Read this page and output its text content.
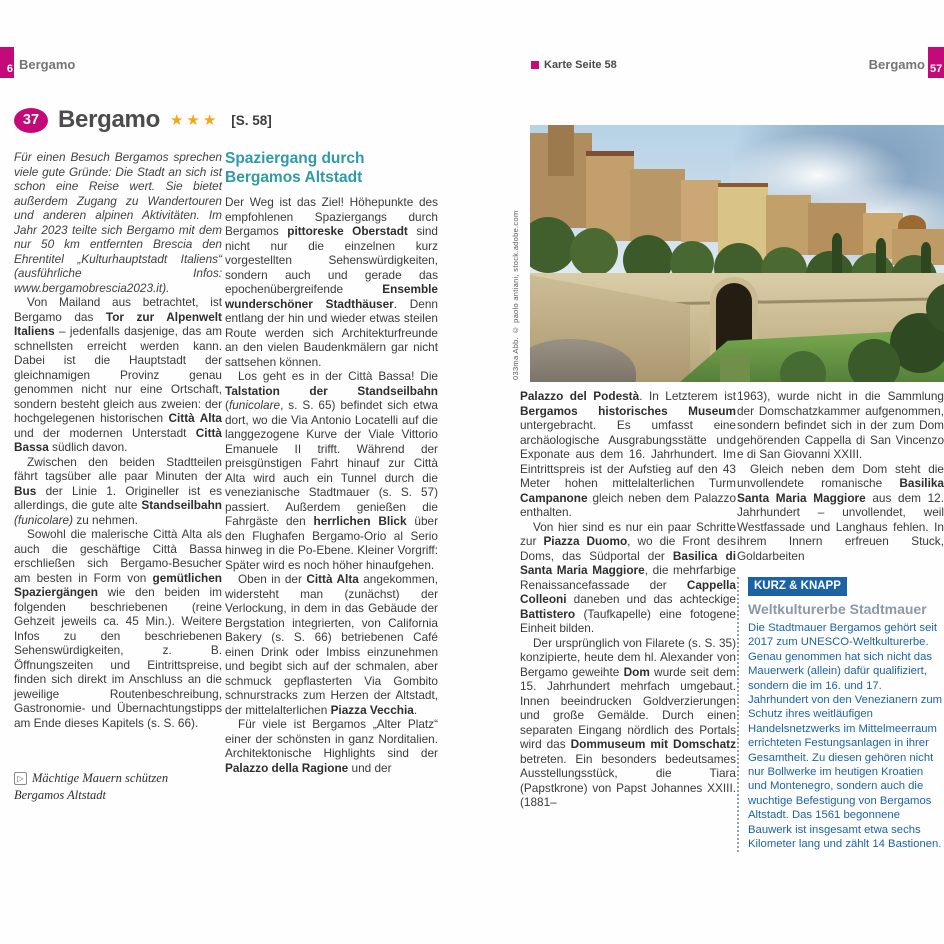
6 Bergamo	Karte Seite 58	Bergamo 57
37 Bergamo ★★★ [S. 58]
033ma Abb. © paolo antiani, stock.adobe.com

Für einen Besuch Bergamos sprechen viele gute Gründe: Die Stadt an sich ist schon eine Reise wert. Sie bietet außerdem Zugang zu Wandertouren und anderen alpinen Aktivitäten. Im Jahr 2023 teilte sich Bergamo mit dem nur 50 km entfernten Brescia den Ehrentitel „Kulturhauptstadt Italiens“ (ausführliche Infos: www.bergamobrescia2023.it).

Von Mailand aus betrachtet, ist Bergamo das Tor zur Alpenwelt Italiens – jedenfalls dasjenige, das am schnellsten erreicht werden kann. Dabei ist die Hauptstadt der gleichnamigen Provinz genau genommen nicht nur eine Ortschaft, sondern besteht gleich aus zweien: der hochgelegenen historischen Città Alta und der modernen Unterstadt Città Bassa südlich davon.

Zwischen den beiden Stadtteilen fährt tagsüber alle paar Minuten der Bus der Linie 1. Origineller ist es allerdings, die gute alte Standseilbahn (funicolare) zu nehmen.

Sowohl die malerische Città Alta als auch die geschäftige Città Bassa erschließen sich Bergamo-Besucher am besten in Form von gemütlichen Spaziergängen wie den beiden im folgenden beschriebenen (reine Gehzeit jeweils ca. 45 Min.). Weitere Infos zu den beschriebenen Sehenswürdigkeiten, z. B. Öffnungszeiten und Eintrittspreise, finden sich direkt im Anschluss an die jeweilige Routenbeschreibung, Gastronomie- und Übernachtungstipps am Ende dieses Kapitels (s. S. 66).

Spaziergang durch Bergamos Altstadt

Der Weg ist das Ziel! Höhepunkte des empfohlenen Spaziergangs durch Bergamos pittoreske Oberstadt sind nicht nur die einzelnen kurz vorgestellten Sehenswürdigkeiten, sondern auch und gerade das epochenübergreifende Ensemble wunderschöner Stadthäuser. Denn entlang der hin und wieder etwas steilen Route werden sich Architekturfreunde an den vielen Baudenkmälern gar nicht sattsehen können.

Los geht es in der Città Bassa! Die Talstation der Standseilbahn (funicolare, s. S. 65) befindet sich etwa dort, wo die Via Antonio Locatelli auf die langgezogene Kurve der Viale Vittorio Emanuele II trifft. Während der preisgünstigen Fahrt hinauf zur Città Alta wird auch ein Tunnel durch die venezianische Stadtmauer (s. S. 57) passiert. Außerdem genießen die Fahrgäste den herrlichen Blick über den Flughafen Bergamo-Orio al Serio hinweg in die Po-Ebene. Kleiner Vorgriff: Später wird es noch höher hinaufgehen.

Oben in der Città Alta angekommen, widersteht man (zunächst) der Verlockung, in dem in das Gebäude der Bergstation integrierten, von California Bakery (s. S. 66) betriebenen Café einen Drink oder Imbiss einzunehmen und begibt sich auf der schmalen, aber schmuck gepflasterten Via Gombito schnurstracks zum Herzen der Altstadt, der mittelalterlichen Piazza Vecchia.

Für viele ist Bergamos „Alter Platz“ einer der schönsten in ganz Norditalien. Architektonische Highlights sind der Palazzo della Ragione und der

Palazzo del Podestà. In Letzterem ist Bergamos historisches Museum untergebracht. Es umfasst eine archäologische Ausgrabungsstätte und Exponate aus dem 16. Jahrhundert. Im Eintrittspreis ist der Aufstieg auf den 43 Meter hohen mittelalterlichen Turm Campanone gleich neben dem Palazzo enthalten.

Von hier sind es nur ein paar Schritte zur Piazza Duomo, wo die Front des Doms, das Südportal der Basilica di Santa Maria Maggiore, die mehrfarbige Renaissancefassade der Cappella Colleoni daneben und das achteckige Battistero (Taufkapelle) eine fotogene Einheit bilden.

Der ursprünglich von Filarete (s. S. 35) konzipierte, heute dem hl. Alexander von Bergamo geweihte Dom wurde seit dem 15. Jahrhundert mehrfach umgebaut. Innen beeindrucken Goldverzierungen und große Gemälde. Durch einen separaten Eingang nördlich des Portals wird das Dommuseum mit Domschatz betreten. Ein besonders bedeutsames Ausstellungsstück, die Tiara (Papstkrone) von Papst Johannes XXIII. (1881–

1963), wurde nicht in die Sammlung der Domschatzkammer aufgenommen, sondern befindet sich in der zum Dom gehörenden Cappella di San Vincenzo e di San Giovanni XXIII.

Gleich neben dem Dom steht die unvollendete romanische Basilika Santa Maria Maggiore aus dem 12. Jahrhundert – unvollendet, weil Westfassade und Langhaus fehlen. In ihrem Innern erfreuen Stuck, Goldarbeiten

KURZ & KNAPP
Weltkulturerbe Stadtmauer
Die Stadtmauer Bergamos gehört seit 2017 zum UNESCO-Weltkulturerbe. Genau genommen hat sich nicht das Mauerwerk (allein) dafür qualifiziert, sondern die im 16. und 17. Jahrhundert von den Venezianern zum Schutz ihres weitläufigen Handelsnetzwerks im Mittelmeerraum errichteten Festungsanlagen in ihrer Gesamtheit. Zu diesen gehören nicht nur Bollwerke im heutigen Kroatien und Montenegro, sondern auch die wuchtige Befestigung von Bergamos Altstadt. Das 1561 begonnene Bauwerk ist insgesamt etwa sechs Kilometer lang und zählt 14 Bastionen.
▷ Mächtige Mauern schützen Bergamos Altstadt
